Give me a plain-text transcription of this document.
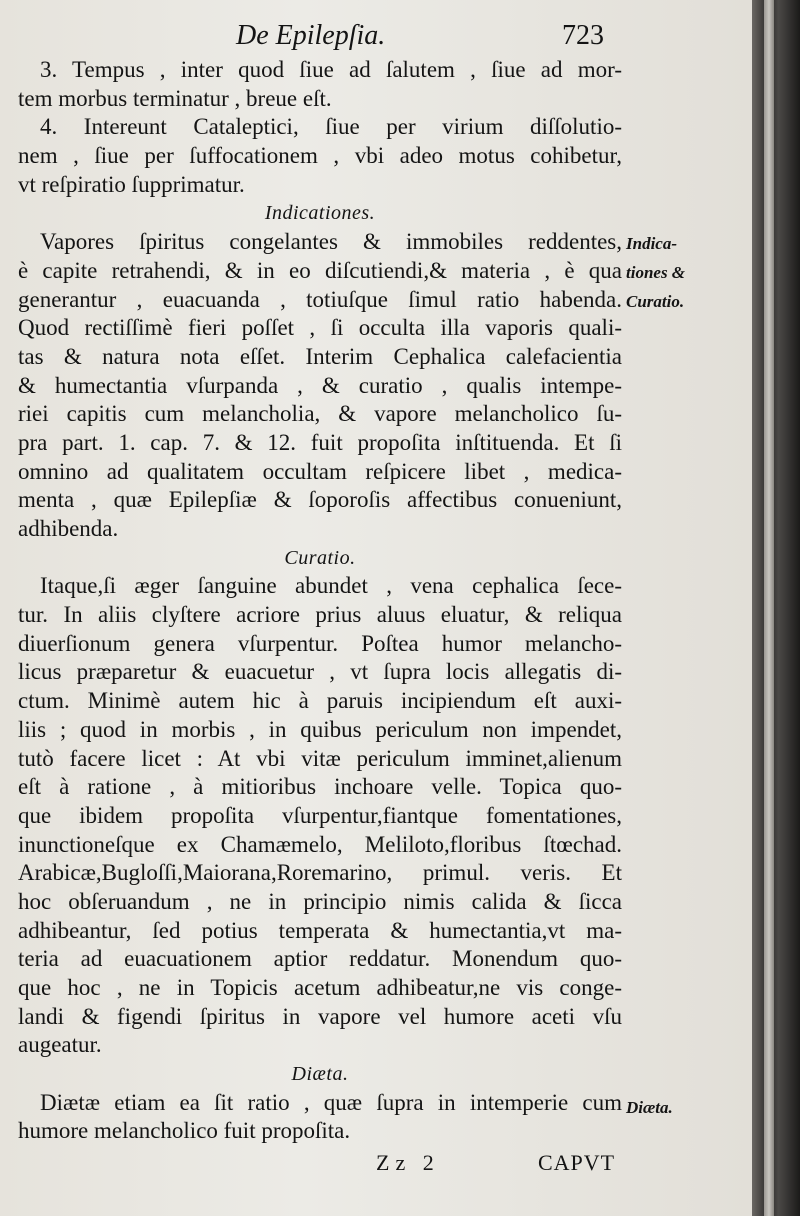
De Epilepſia.	723
3. Tempus , inter quod ſiue ad ſalutem , ſiue ad mor-
tem morbus terminatur , breue eſt.
4. Intereunt Cataleptici, ſiue per virium diſſolutio-
nem , ſiue per ſuffocationem , vbi adeo motus cohibetur,
vt reſpiratio ſupprimatur.
Indicationes.
Vapores ſpiritus congelantes & immobiles reddentes,
è capite retrahendi, & in eo diſcutiendi,& materia , è qua
generantur , euacuanda , totiuſque ſimul ratio habenda.
Quod rectiſſimè fieri poſſet , ſi occulta illa vaporis quali-
tas & natura nota eſſet. Interim Cephalica calefacientia
& humectantia vſurpanda , & curatio , qualis intempe-
riei capitis cum melancholia, & vapore melancholico ſu-
pra part. 1. cap. 7. & 12. fuit propoſita inſtituenda. Et ſi
omnino ad qualitatem occultam reſpicere libet , medica-
menta , quæ Epilepſiæ & ſoporoſis affectibus conueniunt,
adhibenda.
Curatio.
Itaque,ſi æger ſanguine abundet , vena cephalica ſece-
tur. In aliis clyſtere acriore prius aluus eluatur, & reliqua
diuerſionum genera vſurpentur. Poſtea humor melancho-
licus præparetur & euacuetur , vt ſupra locis allegatis di-
ctum. Minimè autem hic à paruis incipiendum eſt auxi-
liis ; quod in morbis , in quibus periculum non impendet,
tutò facere licet : At vbi vitæ periculum imminet,alienum
eſt à ratione , à mitioribus inchoare velle. Topica quo-
que ibidem propoſita vſurpentur,fiantque fomentationes,
inunctioneſque ex Chamæmelo, Meliloto,floribus ſtœchad.
Arabicæ,Bugloſſi,Maiorana,Roremarino, primul. veris. Et
hoc obſeruandum , ne in principio nimis calida & ſicca
adhibeantur, ſed potius temperata & humectantia,vt ma-
teria ad euacuationem aptior reddatur. Monendum quo-
que hoc , ne in Topicis acetum adhibeatur,ne vis conge-
landi & figendi ſpiritus in vapore vel humore aceti vſu
augeatur.
Diæta.
Diætæ etiam ea ſit ratio , quæ ſupra in intemperie cum
humore melancholico fuit propoſita.
Indica-
tiones &
Curatio.
Diæta.
Zz 2	CAPVT
